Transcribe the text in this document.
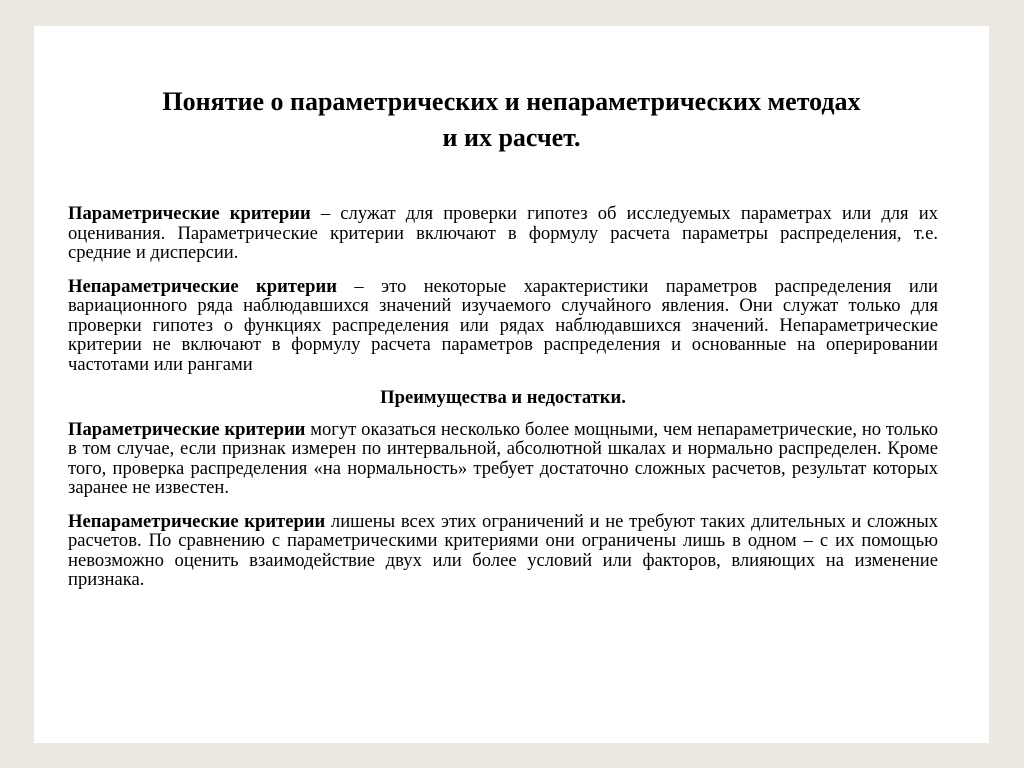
Понятие о параметрических и непараметрических методах
и их расчет.

Параметрические критерии – служат для проверки гипотез об исследуемых параметрах или для их оценивания. Параметрические критерии включают в формулу расчета параметры распределения, т.е. средние и дисперсии.

Непараметрические критерии – это некоторые характеристики параметров распределения или вариационного ряда наблюдавшихся значений изучаемого случайного явления. Они служат только для проверки гипотез о функциях распределения или рядах наблюдавшихся значений. Непараметрические критерии не включают в формулу расчета параметров распределения и основанные на оперировании частотами или рангами

Преимущества и недостатки.

Параметрические критерии могут оказаться несколько более мощными, чем непараметрические, но только в том случае, если признак измерен по интервальной, абсолютной шкалах и нормально распределен. Кроме того, проверка распределения «на нормальность» требует достаточно сложных расчетов, результат которых заранее не известен.

Непараметрические критерии лишены всех этих ограничений и не требуют таких длительных и сложных расчетов. По сравнению с параметрическими критериями они ограничены лишь в одном – с их помощью невозможно оценить взаимодействие двух или более условий или факторов, влияющих на изменение признака.
